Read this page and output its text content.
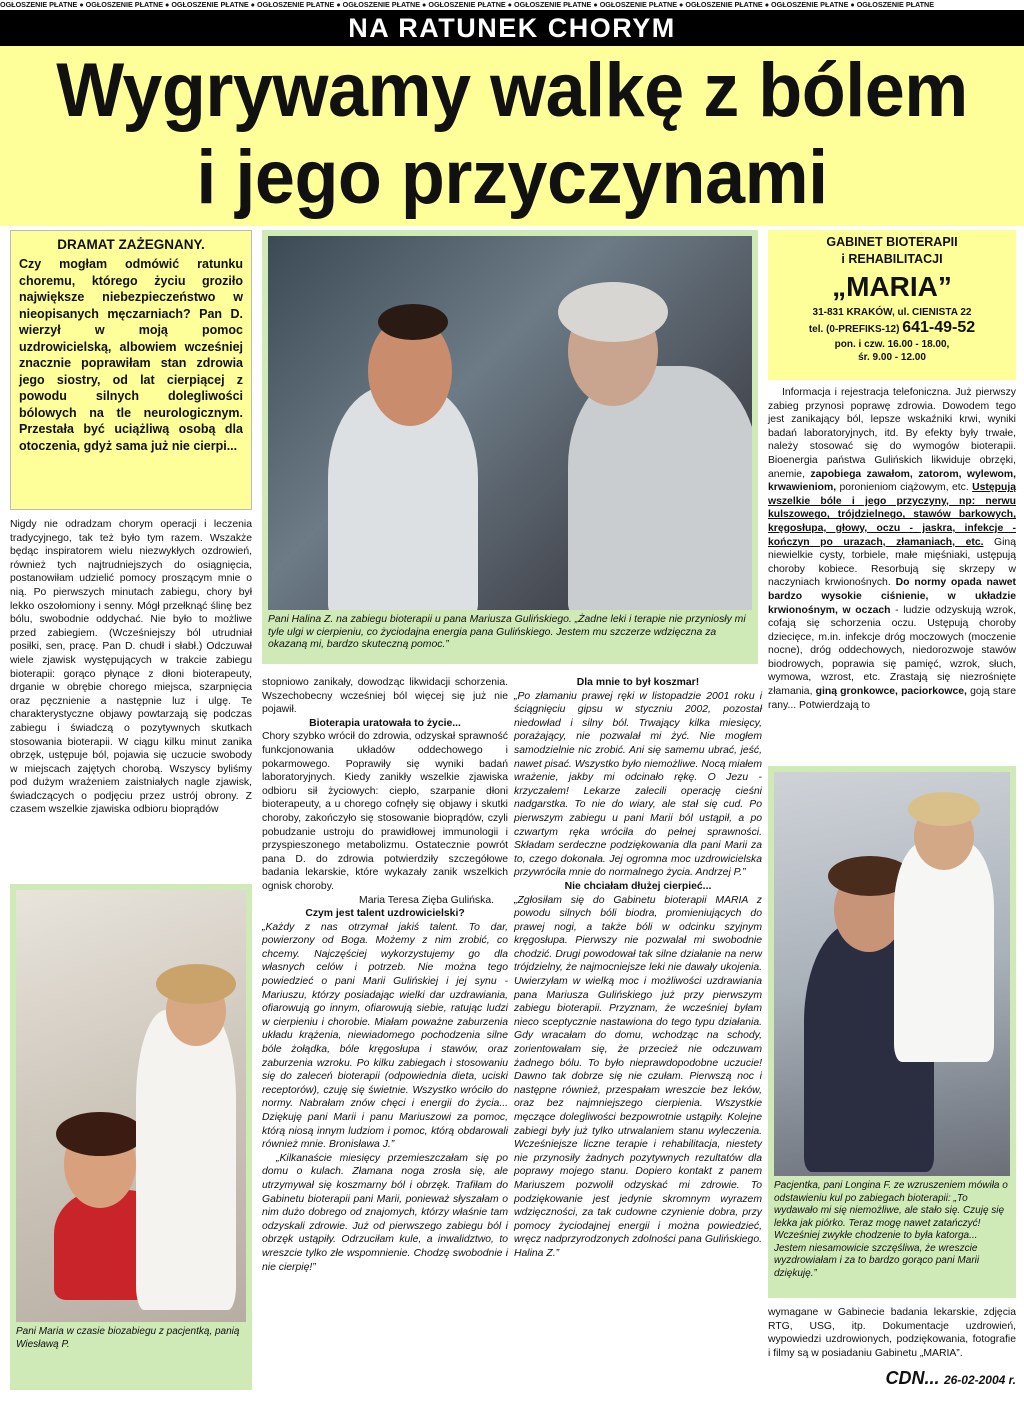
OGŁOSZENIE PŁATNE ● OGŁOSZENIE PŁATNE ● OGŁOSZENIE PŁATNE ● OGŁOSZENIE PŁATNE ● OGŁOSZENIE PŁATNE ● OGŁOSZENIE PŁATNE ● OGŁOSZENIE PŁATNE ● OGŁOSZENIE PŁATNE ● OGŁOSZENIE PŁATNE ● OGŁOSZENIE PŁATNE ● OGŁOSZENIE PŁATNE
NA RATUNEK CHORYM
Wygrywamy walkę z bólem
i jego przyczynami
DRAMAT ZAŻEGNANY.
Czy mogłam odmówić ratunku choremu, którego życiu groziło największe niebezpieczeństwo w nieopisanych męczarniach? Pan D. wierzył w moją pomoc uzdrowicielską, albowiem wcześniej znacznie poprawiłam stan zdrowia jego siostry, od lat cierpiącej z powodu silnych dolegliwości bólowych na tle neurologicznym. Przestała być uciążliwą osobą dla otoczenia, gdyż sama już nie cierpi...

Nigdy nie odradzam chorym operacji i leczenia tradycyjnego, tak też było tym razem. Wszakże będąc inspiratorem wielu niezwykłych ozdrowień, również tych najtrudniejszych do osiągnięcia, postanowiłam udzielić pomocy proszącym mnie o nią. Po pierwszych minutach zabiegu, chory był lekko oszołomiony i senny. Mógł przełknąć ślinę bez bólu, swobodnie oddychać. Nie było to możliwe przed zabiegiem. (Wcześniejszy ból utrudniał posiłki, sen, pracę. Pan D. chudł i słabł.) Odczuwał wiele zjawisk występujących w trakcie zabiegu bioterapii: gorąco płynące z dłoni bioterapeuty, drganie w obrębie chorego miejsca, szarpnięcia oraz pęcznienie a następnie luz i ulgę. Te charakterystyczne objawy powtarzają się podczas zabiegu i świadczą o pozytywnych skutkach stosowania bioterapii. W ciągu kilku minut zanika obrzęk, ustępuje ból, pojawia się uczucie swobody w miejscach zajętych chorobą. Wszyscy byliśmy pod dużym wrażeniem zaistniałych nagle zjawisk, świadczących o podjęciu przez ustrój obrony. Z czasem wszelkie zjawiska odbioru bioprądów

Pani Maria w czasie biozabiegu z pacjentką, panią Wiesławą P.
Pani Halina Z. na zabiegu bioterapii u pana Mariusza Gulińskiego. „Żadne leki i terapie nie przyniosły mi tyle ulgi w cierpieniu, co życiodajna energia pana Gulińskiego. Jestem mu szczerze wdzięczna za okazaną mi, bardzo skuteczną pomoc.”

stopniowo zanikały, dowodząc likwidacji schorzenia. Wszechobecny wcześniej ból więcej się już nie pojawił.

Bioterapia uratowała to życie...

Chory szybko wrócił do zdrowia, odzyskał sprawność funkcjonowania układów oddechowego i pokarmowego. Poprawiły się wyniki badań laboratoryjnych. Kiedy zanikły wszelkie zjawiska odbioru sił życiowych: ciepło, szarpanie dłoni bioterapeuty, a u chorego cofnęły się objawy i skutki choroby, zakończyło się stosowanie bioprądów, czyli pobudzanie ustroju do prawidłowej immunologii i przyspieszonego metabolizmu. Ostatecznie powrót pana D. do zdrowia potwierdziły szczegółowe badania lekarskie, które wykazały zanik wszelkich ognisk choroby.

Maria Teresa Zięba Gulińska.

Czym jest talent uzdrowicielski?

„Każdy z nas otrzymał jakiś talent. To dar, powierzony od Boga. Możemy z nim zrobić, co chcemy. Najczęściej wykorzystujemy go dla własnych celów i potrzeb. Nie można tego powiedzieć o pani Marii Gulińskiej i jej synu - Mariuszu, którzy posiadając wielki dar uzdrawiania, ofiarowują go innym, ofiarowują siebie, ratując ludzi w cierpieniu i chorobie. Miałam poważne zaburzenia układu krążenia, niewiadomego pochodzenia silne bóle żołądka, bóle kręgosłupa i stawów, oraz zaburzenia wzroku. Po kilku zabiegach i stosowaniu się do zaleceń bioterapii (odpowiednia dieta, uciski receptorów), czuję się świetnie. Wszystko wróciło do normy. Nabrałam znów chęci i energii do życia... Dziękuję pani Marii i panu Mariuszowi za pomoc, którą niosą innym ludziom i pomoc, którą obdarowali również mnie. Bronisława J.”

„Kilkanaście miesięcy przemieszczałam się po domu o kulach. Złamana noga zrosła się, ale utrzymywał się koszmarny ból i obrzęk. Trafiłam do Gabinetu bioterapii pani Marii, ponieważ słyszałam o nim dużo dobrego od znajomych, którzy właśnie tam odzyskali zdrowie. Już od pierwszego zabiegu ból i obrzęk ustąpiły. Odrzuciłam kule, a inwalidztwo, to wreszcie tylko złe wspomnienie. Chodzę swobodnie i nie cierpię!”

Dla mnie to był koszmar!

„Po złamaniu prawej ręki w listopadzie 2001 roku i ściągnięciu gipsu w styczniu 2002, pozostał niedowład i silny ból. Trwający kilka miesięcy, porażający, nie pozwalał mi żyć. Nie mogłem samodzielnie nic zrobić. Ani się samemu ubrać, jeść, nawet pisać. Wszystko było niemożliwe. Nocą miałem wrażenie, jakby mi odcinało rękę. O Jezu - krzyczałem! Lekarze zalecili operację cieśni nadgarstka. To nie do wiary, ale stał się cud. Po pierwszym zabiegu u pani Marii ból ustąpił, a po czwartym ręka wróciła do pełnej sprawności. Składam serdeczne podziękowania dla pani Marii za to, czego dokonała. Jej ogromna moc uzdrowicielska przywróciła mnie do normalnego życia. Andrzej P.”

Nie chciałam dłużej cierpieć...

„Zgłosiłam się do Gabinetu bioterapii MARIA z powodu silnych bóli biodra, promieniujących do prawej nogi, a także bóli w odcinku szyjnym kręgosłupa. Pierwszy nie pozwalał mi swobodnie chodzić. Drugi powodował tak silne działanie na nerw trójdzielny, że najmocniejsze leki nie dawały ukojenia. Uwierzyłam w wielką moc i możliwości uzdrawiania pana Mariusza Gulińskiego już przy pierwszym zabiegu bioterapii. Przyznam, że wcześniej byłam nieco sceptycznie nastawiona do tego typu działania. Gdy wracałam do domu, wchodząc na schody, zorientowałam się, że przecież nie odczuwam żadnego bólu. To było nieprawdopodobne uczucie! Dawno tak dobrze się nie czułam. Pierwszą noc i następne również, przespałam wreszcie bez leków, oraz bez najmniejszego cierpienia. Wszystkie męczące dolegliwości bezpowrotnie ustąpiły. Kolejne zabiegi były już tylko utrwalaniem stanu wyleczenia. Wcześniejsze liczne terapie i rehabilitacja, niestety nie przynosiły żadnych pozytywnych rezultatów dla poprawy mojego stanu. Dopiero kontakt z panem Mariuszem pozwolił odzyskać mi zdrowie. To podziękowanie jest jedynie skromnym wyrazem wdzięczności, za tak cudowne czynienie dobra, przy pomocy życiodajnej energii i można powiedzieć, wręcz nadprzyrodzonych zdolności pana Gulińskiego. Halina Z.”

GABINET BIOTERAPII
i REHABILITACJI
„MARIA”
31-831 KRAKÓW, ul. CIENISTA 22
tel. (0-PREFIKS-12) 641-49-52
pon. i czw. 16.00 - 18.00,
śr. 9.00 - 12.00

Informacja i rejestracja telefoniczna. Już pierwszy zabieg przynosi poprawę zdrowia. Dowodem tego jest zanikający ból, lepsze wskaźniki krwi, wyniki badań laboratoryjnych, itd. By efekty były trwałe, należy stosować się do wymogów bioterapii. Bioenergia państwa Gulińskich likwiduje obrzęki, anemie, zapobiega zawałom, zatorom, wylewom, krwawieniom, poronieniom ciążowym, etc. Ustępują wszelkie bóle i jego przyczyny, np: nerwu kulszowego, trójdzielnego, stawów barkowych, kręgosłupa, głowy, oczu - jaskra, infekcje - kończyn po urazach, złamaniach, etc. Giną niewielkie cysty, torbiele, małe mięśniaki, ustępują choroby kobiece. Resorbują się skrzepy w naczyniach krwionośnych. Do normy opada nawet bardzo wysokie ciśnienie, w układzie krwionośnym, w oczach - ludzie odzyskują wzrok, cofają się schorzenia oczu. Ustępują choroby dziecięce, m.in. infekcje dróg moczowych (moczenie nocne), dróg oddechowych, niedorozwoje stawów biodrowych, poprawia się pamięć, wzrok, słuch, wymowa, wzrost, etc. Zrastają się niezrośnięte złamania, giną gronkowce, paciorkowce, goją stare rany... Potwierdzają to

Pacjentka, pani Longina F. ze wzruszeniem mówiła o odstawieniu kul po zabiegach bioterapii: „To wydawało mi się niemożliwe, ale stało się. Czuję się lekka jak piórko. Teraz mogę nawet zatańczyć! Wcześniej zwykłe chodzenie to była katorga... Jestem niesamowicie szczęśliwa, że wreszcie wyzdrowiałam i za to bardzo gorąco pani Marii dziękuję.”

wymagane w Gabinecie badania lekarskie, zdjęcia RTG, USG, itp. Dokumentacje uzdrowień, wypowiedzi uzdrowionych, podziękowania, fotografie i filmy są w posiadaniu Gabinetu „MARIA”.

CDN... 26-02-2004 r.
